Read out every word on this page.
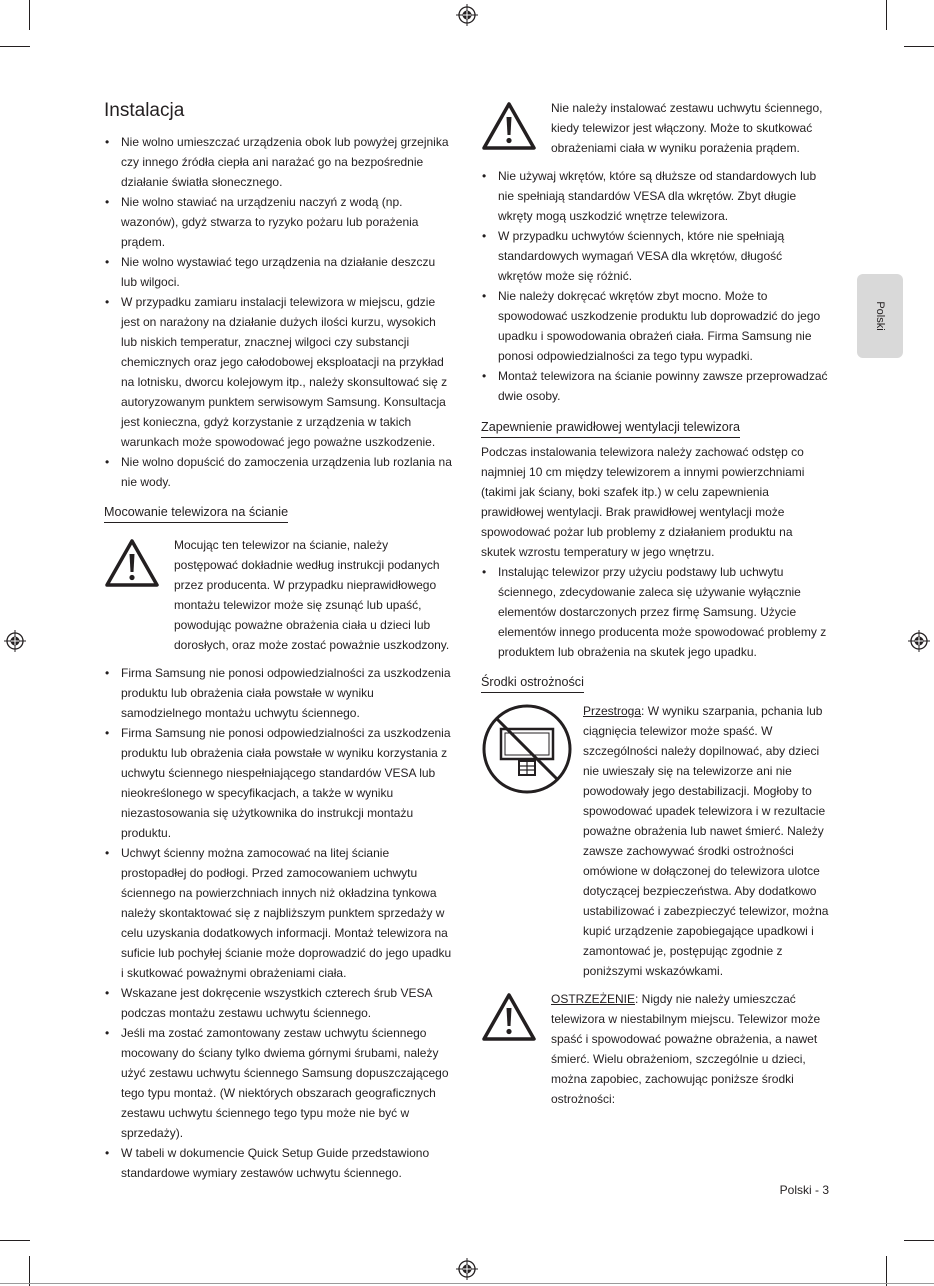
Polski
Instalacja
• Nie wolno umieszczać urządzenia obok lub powyżej grzejnika czy innego źródła ciepła ani narażać go na bezpośrednie działanie światła słonecznego.
• Nie wolno stawiać na urządzeniu naczyń z wodą (np. wazonów), gdyż stwarza to ryzyko pożaru lub porażenia prądem.
• Nie wolno wystawiać tego urządzenia na działanie deszczu lub wilgoci.
• W przypadku zamiaru instalacji telewizora w miejscu, gdzie jest on narażony na działanie dużych ilości kurzu, wysokich lub niskich temperatur, znacznej wilgoci czy substancji chemicznych oraz jego całodobowej eksploatacji na przykład na lotnisku, dworcu kolejowym itp., należy skonsultować się z autoryzowanym punktem serwisowym Samsung. Konsultacja jest konieczna, gdyż korzystanie z urządzenia w takich warunkach może spowodować jego poważne uszkodzenie.
• Nie wolno dopuścić do zamoczenia urządzenia lub rozlania na nie wody.
Mocowanie telewizora na ścianie
Mocując ten telewizor na ścianie, należy postępować dokładnie według instrukcji podanych przez producenta. W przypadku nieprawidłowego montażu telewizor może się zsunąć lub upaść, powodując poważne obrażenia ciała u dzieci lub dorosłych, oraz może zostać poważnie uszkodzony.
• Firma Samsung nie ponosi odpowiedzialności za uszkodzenia produktu lub obrażenia ciała powstałe w wyniku samodzielnego montażu uchwytu ściennego.
• Firma Samsung nie ponosi odpowiedzialności za uszkodzenia produktu lub obrażenia ciała powstałe w wyniku korzystania z uchwytu ściennego niespełniającego standardów VESA lub nieokreślonego w specyfikacjach, a także w wyniku niezastosowania się użytkownika do instrukcji montażu produktu.
• Uchwyt ścienny można zamocować na litej ścianie prostopadłej do podłogi. Przed zamocowaniem uchwytu ściennego na powierzchniach innych niż okładzina tynkowa należy skontaktować się z najbliższym punktem sprzedaży w celu uzyskania dodatkowych informacji. Montaż telewizora na suficie lub pochyłej ścianie może doprowadzić do jego upadku i skutkować poważnymi obrażeniami ciała.
• Wskazane jest dokręcenie wszystkich czterech śrub VESA podczas montażu zestawu uchwytu ściennego.
• Jeśli ma zostać zamontowany zestaw uchwytu ściennego mocowany do ściany tylko dwiema górnymi śrubami, należy użyć zestawu uchwytu ściennego Samsung dopuszczającego tego typu montaż. (W niektórych obszarach geograficznych zestawu uchwytu ściennego tego typu może nie być w sprzedaży).
• W tabeli w dokumencie Quick Setup Guide przedstawiono standardowe wymiary zestawów uchwytu ściennego.
Nie należy instalować zestawu uchwytu ściennego, kiedy telewizor jest włączony. Może to skutkować obrażeniami ciała w wyniku porażenia prądem.
• Nie używaj wkrętów, które są dłuższe od standardowych lub nie spełniają standardów VESA dla wkrętów. Zbyt długie wkręty mogą uszkodzić wnętrze telewizora.
• W przypadku uchwytów ściennych, które nie spełniają standardowych wymagań VESA dla wkrętów, długość wkrętów może się różnić.
• Nie należy dokręcać wkrętów zbyt mocno. Może to spowodować uszkodzenie produktu lub doprowadzić do jego upadku i spowodowania obrażeń ciała. Firma Samsung nie ponosi odpowiedzialności za tego typu wypadki.
• Montaż telewizora na ścianie powinny zawsze przeprowadzać dwie osoby.
Zapewnienie prawidłowej wentylacji telewizora

Podczas instalowania telewizora należy zachować odstęp co najmniej 10 cm między telewizorem a innymi powierzchniami (takimi jak ściany, boki szafek itp.) w celu zapewnienia prawidłowej wentylacji. Brak prawidłowej wentylacji może spowodować pożar lub problemy z działaniem produktu na skutek wzrostu temperatury w jego wnętrzu.

• Instalując telewizor przy użyciu podstawy lub uchwytu ściennego, zdecydowanie zaleca się używanie wyłącznie elementów dostarczonych przez firmę Samsung. Użycie elementów innego producenta może spowodować problemy z produktem lub obrażenia na skutek jego upadku.
Środki ostrożności
Przestroga: W wyniku szarpania, pchania lub ciągnięcia telewizor może spaść. W szczególności należy dopilnować, aby dzieci nie uwieszały się na telewizorze ani nie powodowały jego destabilizacji. Mogłoby to spowodować upadek telewizora i w rezultacie poważne obrażenia lub nawet śmierć. Należy zawsze zachowywać środki ostrożności omówione w dołączonej do telewizora ulotce dotyczącej bezpieczeństwa. Aby dodatkowo ustabilizować i zabezpieczyć telewizor, można kupić urządzenie zapobiegające upadkowi i zamontować je, postępując zgodnie z poniższymi wskazówkami.
OSTRZEŻENIE: Nigdy nie należy umieszczać telewizora w niestabilnym miejscu. Telewizor może spaść i spowodować poważne obrażenia, a nawet śmierć. Wielu obrażeniom, szczególnie u dzieci, można zapobiec, zachowując poniższe środki ostrożności:
Polski - 3
